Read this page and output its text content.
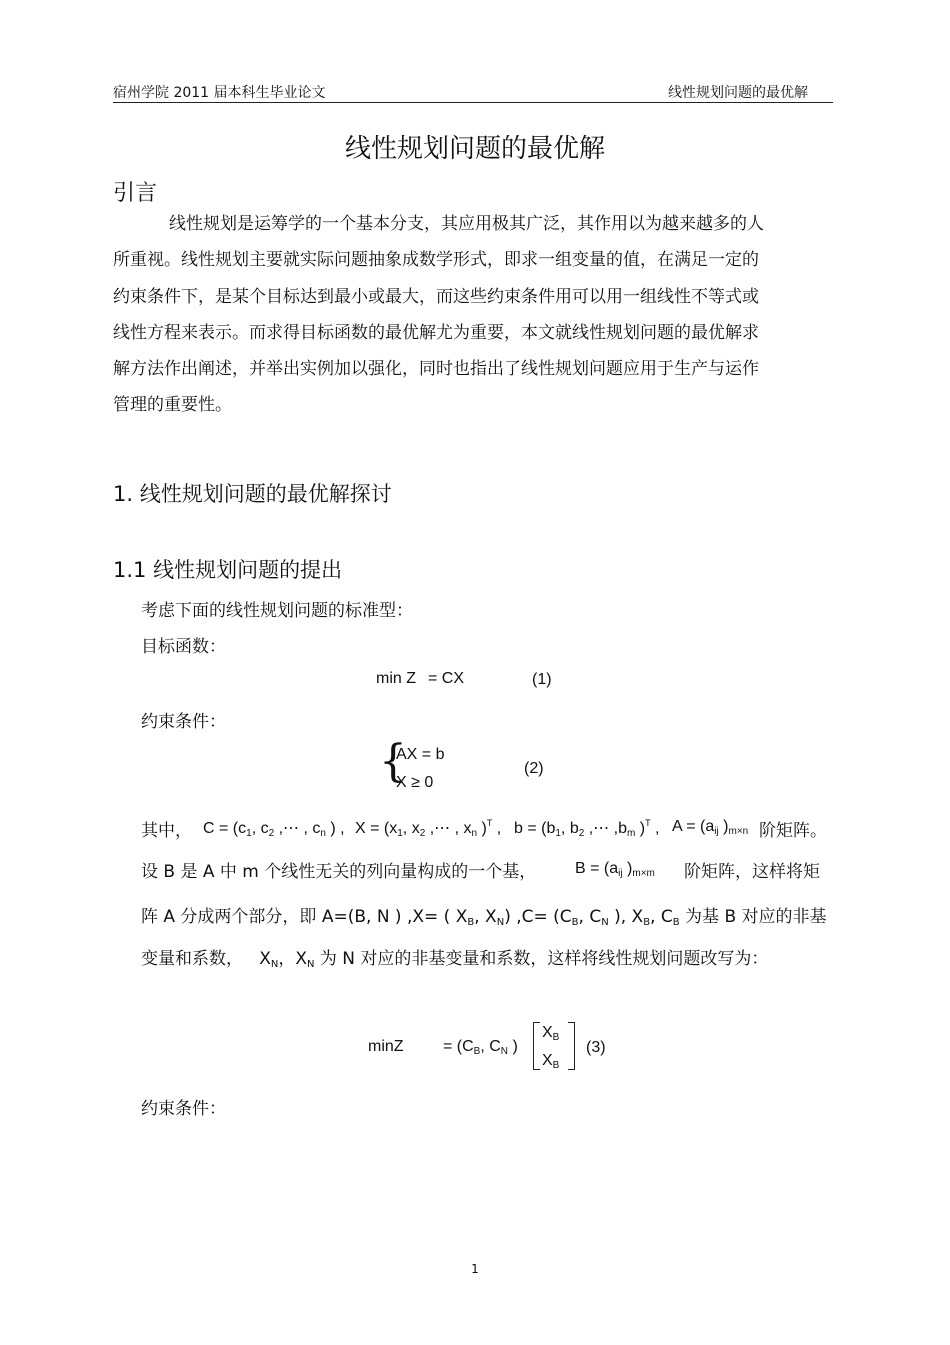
宿州学院 2011 届本科生毕业论文	线性规划问题的最优解
线性规划问题的最优解
引言
线性规划是运筹学的一个基本分支，其应用极其广泛，其作用以为越来越多的人
所重视。线性规划主要就实际问题抽象成数学形式，即求一组变量的值，在满足一定的
约束条件下，是某个目标达到最小或最大，而这些约束条件用可以用一组线性不等式或
线性方程来表示。而求得目标函数的最优解尤为重要，本文就线性规划问题的最优解求
解方法作出阐述，并举出实例加以强化，同时也指出了线性规划问题应用于生产与运作
管理的重要性。
1. 线性规划问题的最优解探讨
1.1 线性规划问题的提出
考虑下面的线性规划问题的标准型：
目标函数：
min Z = CX	(1)
约束条件：
{
AX = b
X ≥ 0
(2)
其中， $C = (c_1$, $c_2$ ,⋯ , $c_n$ ) , $X = (x_1$, $x_2$ ,⋯ , $x_n$ )$^T$ , $b = (b_1$, $b_2$ ,⋯ $,b_m$ )$^T$ , $A = (a_{ij}$ )$_{m\times n}$ 阶矩阵。
设 B 是 A 中 m 个线性无关的列向量构成的一个基， $B = (a_{ij}$ )$_{m\times m}$ 阶矩阵，这样将矩
阵 A 分成两个部分，即 A=(B, N ) ,X= ( $X_B$, $X_N$) $,C= (C_B$, $C_N$ ), $X_B$, $C_B$ 为基 B 对应的非基
变量和系数， $X_N$，$X_N$ 为 N 对应的非基变量和系数，这样将线性规划问题改写为：
$\min Z = (C_B$, $C_N$ )
$X_B$
$X_B$
(3)
约束条件：
1
